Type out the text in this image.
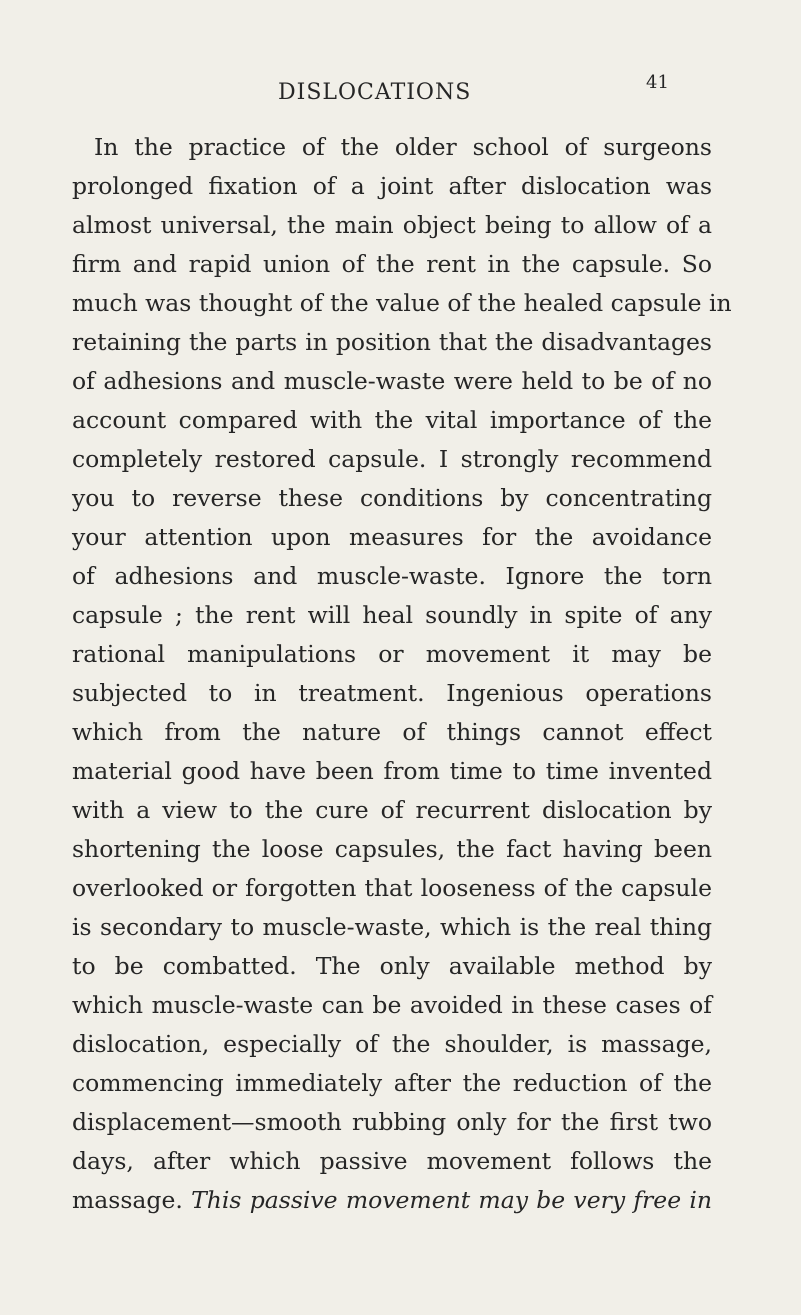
DISLOCATIONS	41
In the practice of the older school of surgeons
prolonged fixation of a joint after dislocation was
almost universal, the main object being to allow of a
firm and rapid union of the rent in the capsule. So
much was thought of the value of the healed capsule in
retaining the parts in position that the disadvantages
of adhesions and muscle-waste were held to be of no
account compared with the vital importance of the
completely restored capsule. I strongly recommend
you to reverse these conditions by concentrating
your attention upon measures for the avoidance
of adhesions and muscle-waste. Ignore the torn
capsule ; the rent will heal soundly in spite of any
rational manipulations or movement it may be
subjected to in treatment. Ingenious operations
which from the nature of things cannot effect
material good have been from time to time invented
with a view to the cure of recurrent dislocation by
shortening the loose capsules, the fact having been
overlooked or forgotten that looseness of the capsule
is secondary to muscle-waste, which is the real thing
to be combatted. The only available method by
which muscle-waste can be avoided in these cases of
dislocation, especially of the shoulder, is massage,
commencing immediately after the reduction of the
displacement—smooth rubbing only for the first two
days, after which passive movement follows the
massage. This passive movement may be very free in
